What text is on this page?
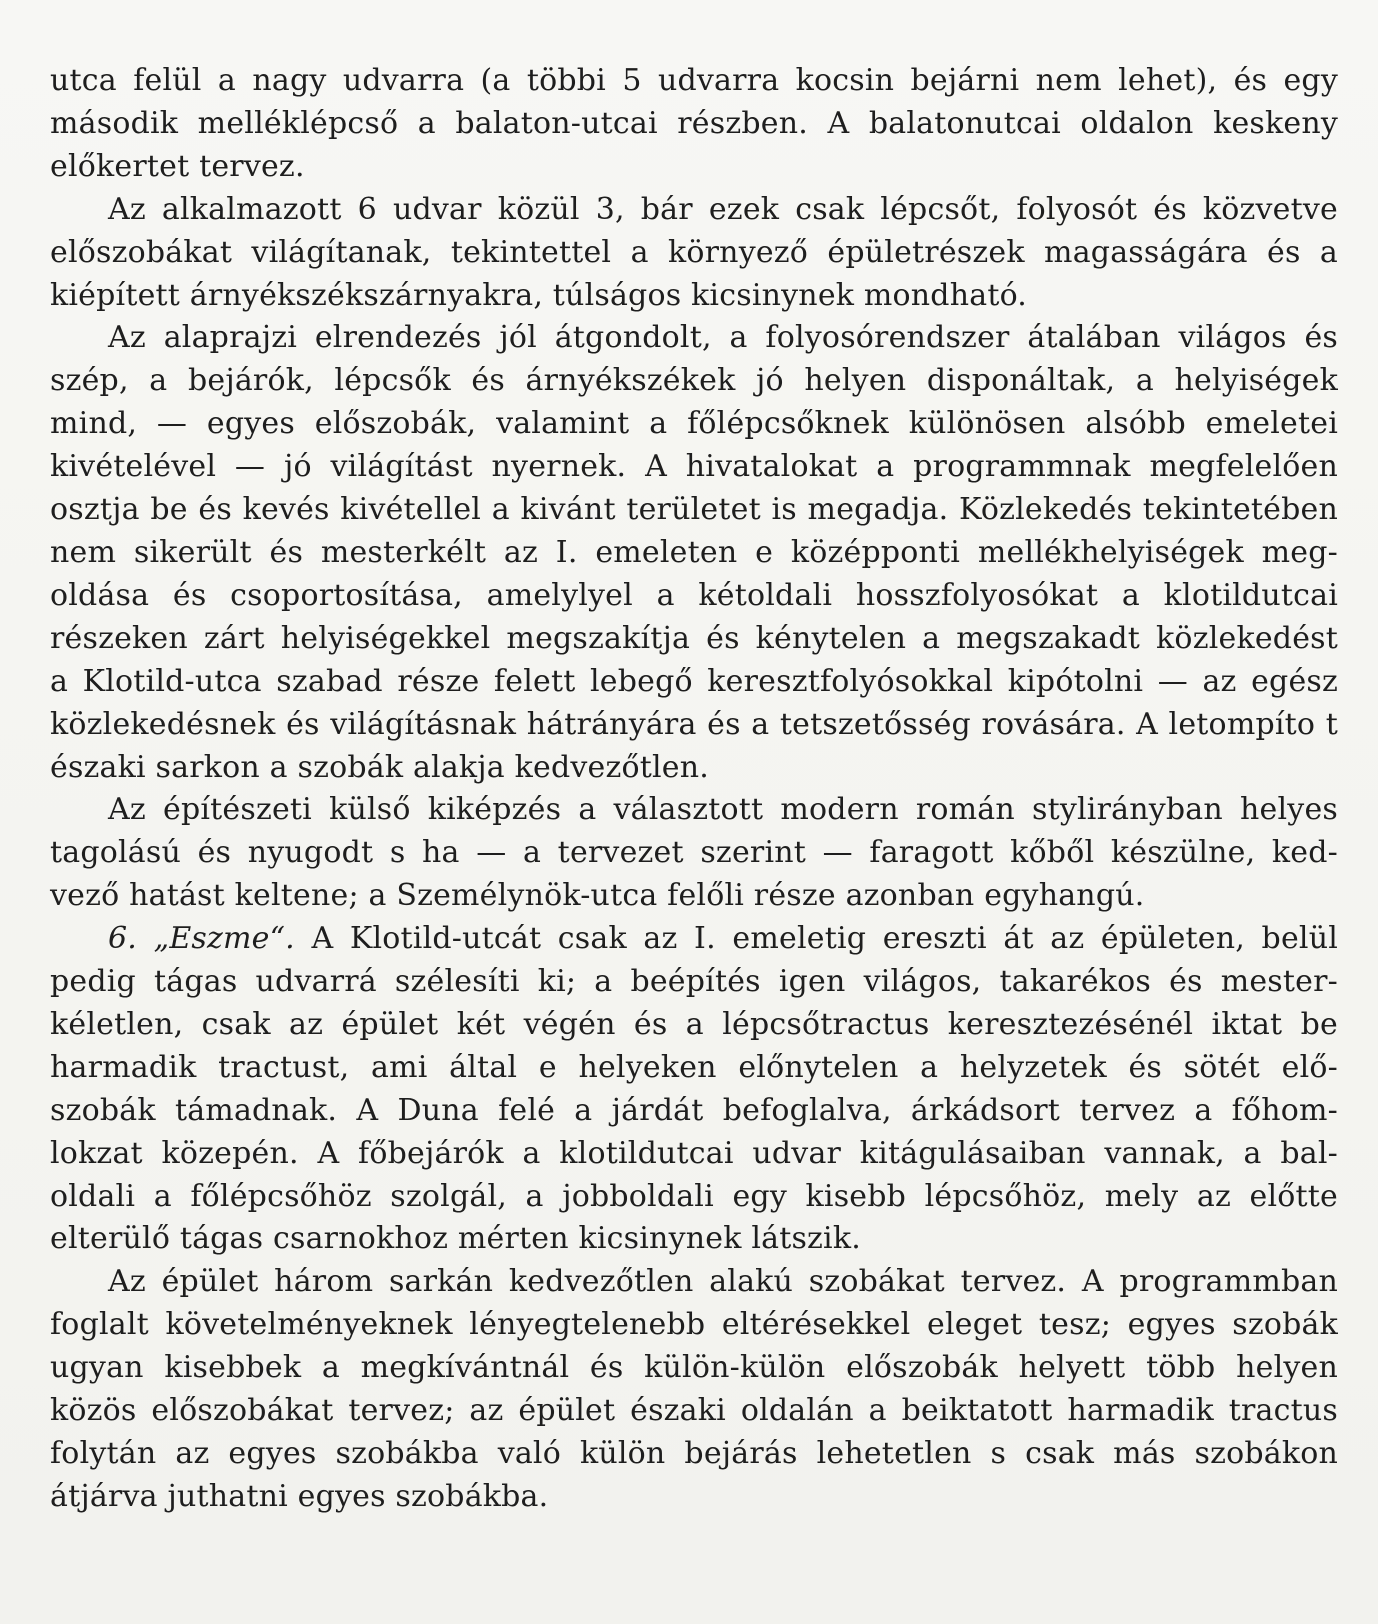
utca felül a nagy udvarra (a többi 5 udvarra kocsin bejárni nem lehet), és egy
második melléklépcső a balaton-utcai részben. A balatonutcai oldalon keskeny
előkertet tervez.

Az alkalmazott 6 udvar közül 3, bár ezek csak lépcsőt, folyosót és közvetve
előszobákat világítanak, tekintettel a környező épületrészek magasságára és a
kiépített árnyékszékszárnyakra, túlságos kicsinynek mondható.

Az alaprajzi elrendezés jól átgondolt, a folyosórendszer átalában világos és
szép, a bejárók, lépcsők és árnyékszékek jó helyen disponáltak, a helyiségek
mind, — egyes előszobák, valamint a főlépcsőknek különösen alsóbb emeletei
kivételével — jó világítást nyernek. A hivatalokat a programmnak megfelelően
osztja be és kevés kivétellel a kivánt területet is megadja. Közlekedés tekintetében
nem sikerült és mesterkélt az I. emeleten e középponti mellékhelyiségek meg-
oldása és csoportosítása, amelylyel a kétoldali hosszfolyosókat a klotildutcai
részeken zárt helyiségekkel megszakítja és kénytelen a megszakadt közlekedést
a Klotild-utca szabad része felett lebegő keresztfolyósokkal kipótolni — az egész
közlekedésnek és világításnak hátrányára és a tetszetősség rovására. A letompíto t
északi sarkon a szobák alakja kedvezőtlen.

Az építészeti külső kiképzés a választott modern román stylirányban helyes
tagolású és nyugodt s ha — a tervezet szerint — faragott kőből készülne, ked-
vező hatást keltene; a Személynök-utca felőli része azonban egyhangú.

6. „Eszme“. A Klotild-utcát csak az I. emeletig ereszti át az épületen, belül
pedig tágas udvarrá szélesíti ki; a beépítés igen világos, takarékos és mester-
kéletlen, csak az épület két végén és a lépcsőtractus keresztezésénél iktat be
harmadik tractust, ami által e helyeken előnytelen a helyzetek és sötét elő-
szobák támadnak. A Duna felé a járdát befoglalva, árkádsort tervez a főhom-
lokzat közepén. A főbejárók a klotildutcai udvar kitágulásaiban vannak, a bal-
oldali a főlépcsőhöz szolgál, a jobboldali egy kisebb lépcsőhöz, mely az előtte
elterülő tágas csarnokhoz mérten kicsinynek látszik.

Az épület három sarkán kedvezőtlen alakú szobákat tervez. A programmban
foglalt követelményeknek lényegtelenebb eltérésekkel eleget tesz; egyes szobák
ugyan kisebbek a megkívántnál és külön-külön előszobák helyett több helyen
közös előszobákat tervez; az épület északi oldalán a beiktatott harmadik tractus
folytán az egyes szobákba való külön bejárás lehetetlen s csak más szobákon
átjárva juthatni egyes szobákba.
